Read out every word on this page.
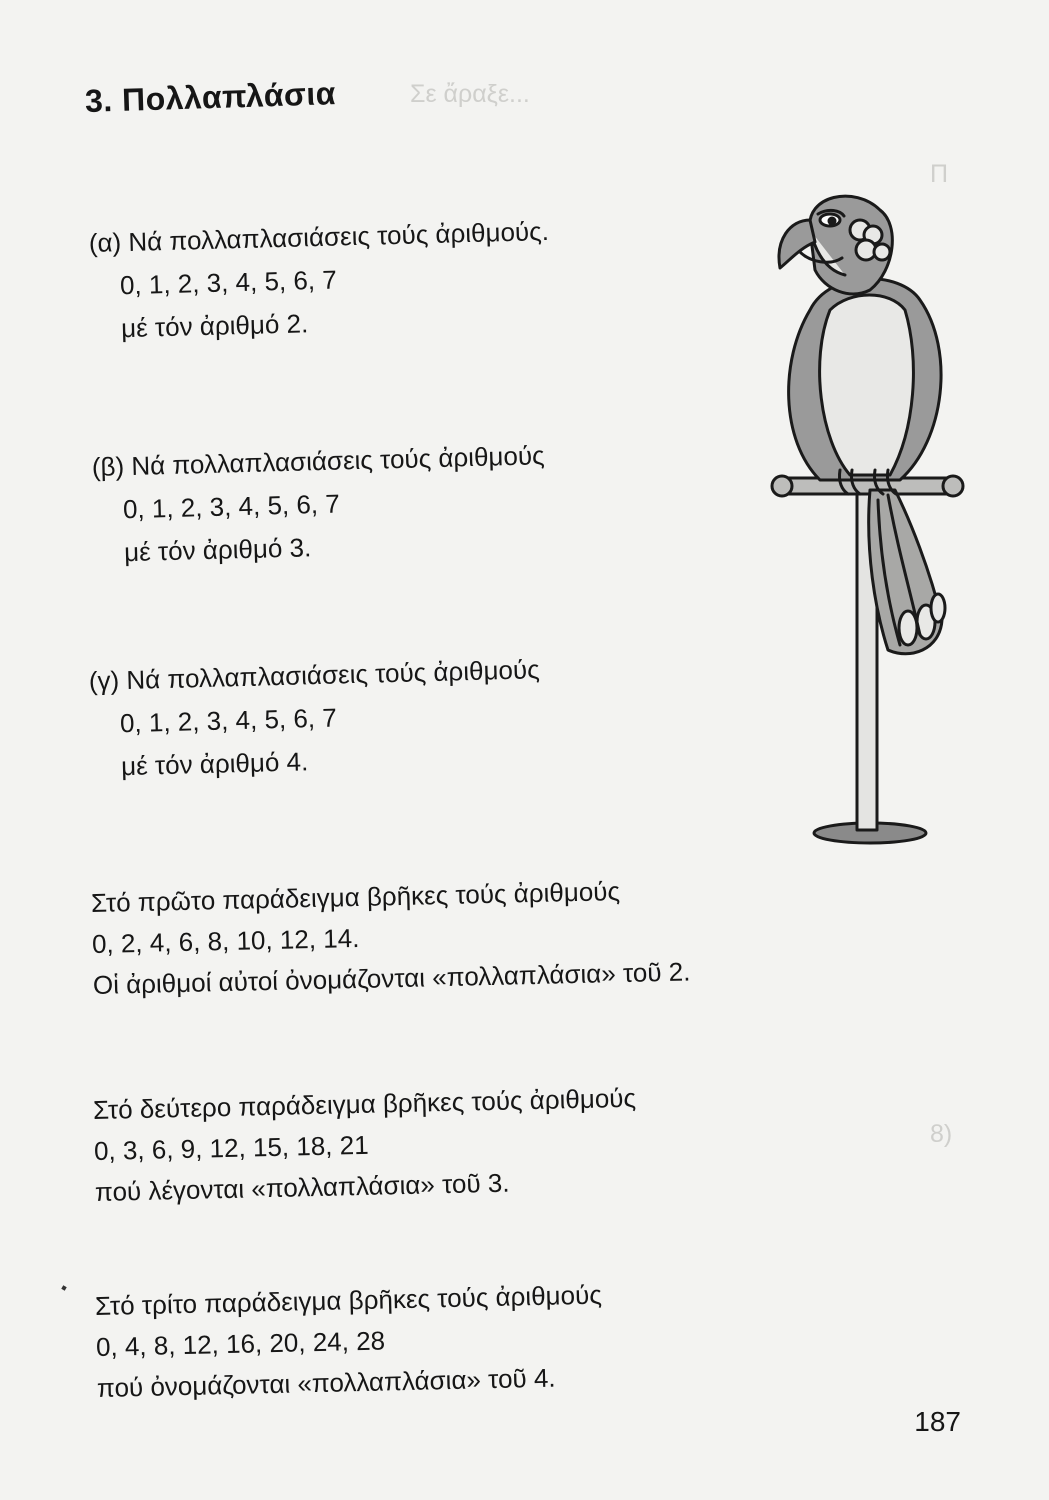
Σε ἄραξε...
Π
8)
3. Πολλαπλάσια
(α) Νά πολλαπλασιάσεις τούς ἀριθμούς.
0, 1, 2, 3, 4, 5, 6, 7
μέ τόν ἀριθμό 2.
(β) Νά πολλαπλασιάσεις τούς ἀριθμούς
0, 1, 2, 3, 4, 5, 6, 7
μέ τόν ἀριθμό 3.
(γ) Νά πολλαπλασιάσεις τούς ἀριθμούς
0, 1, 2, 3, 4, 5, 6, 7
μέ τόν ἀριθμό 4.
Στό πρῶτο παράδειγμα βρῆκες τούς ἀριθμούς
0, 2, 4, 6, 8, 10, 12, 14.
Οἱ ἀριθμοί αὐτοί ὀνομάζονται «πολλαπλάσια» τοῦ 2.
Στό δεύτερο παράδειγμα βρῆκες τούς ἀριθμούς
0, 3, 6, 9, 12, 15, 18, 21
πού λέγονται «πολλαπλάσια» τοῦ 3.
Στό τρίτο παράδειγμα βρῆκες τούς ἀριθμούς
0, 4, 8, 12, 16, 20, 24, 28
πού ὀνομάζονται «πολλαπλάσια» τοῦ 4.
187
